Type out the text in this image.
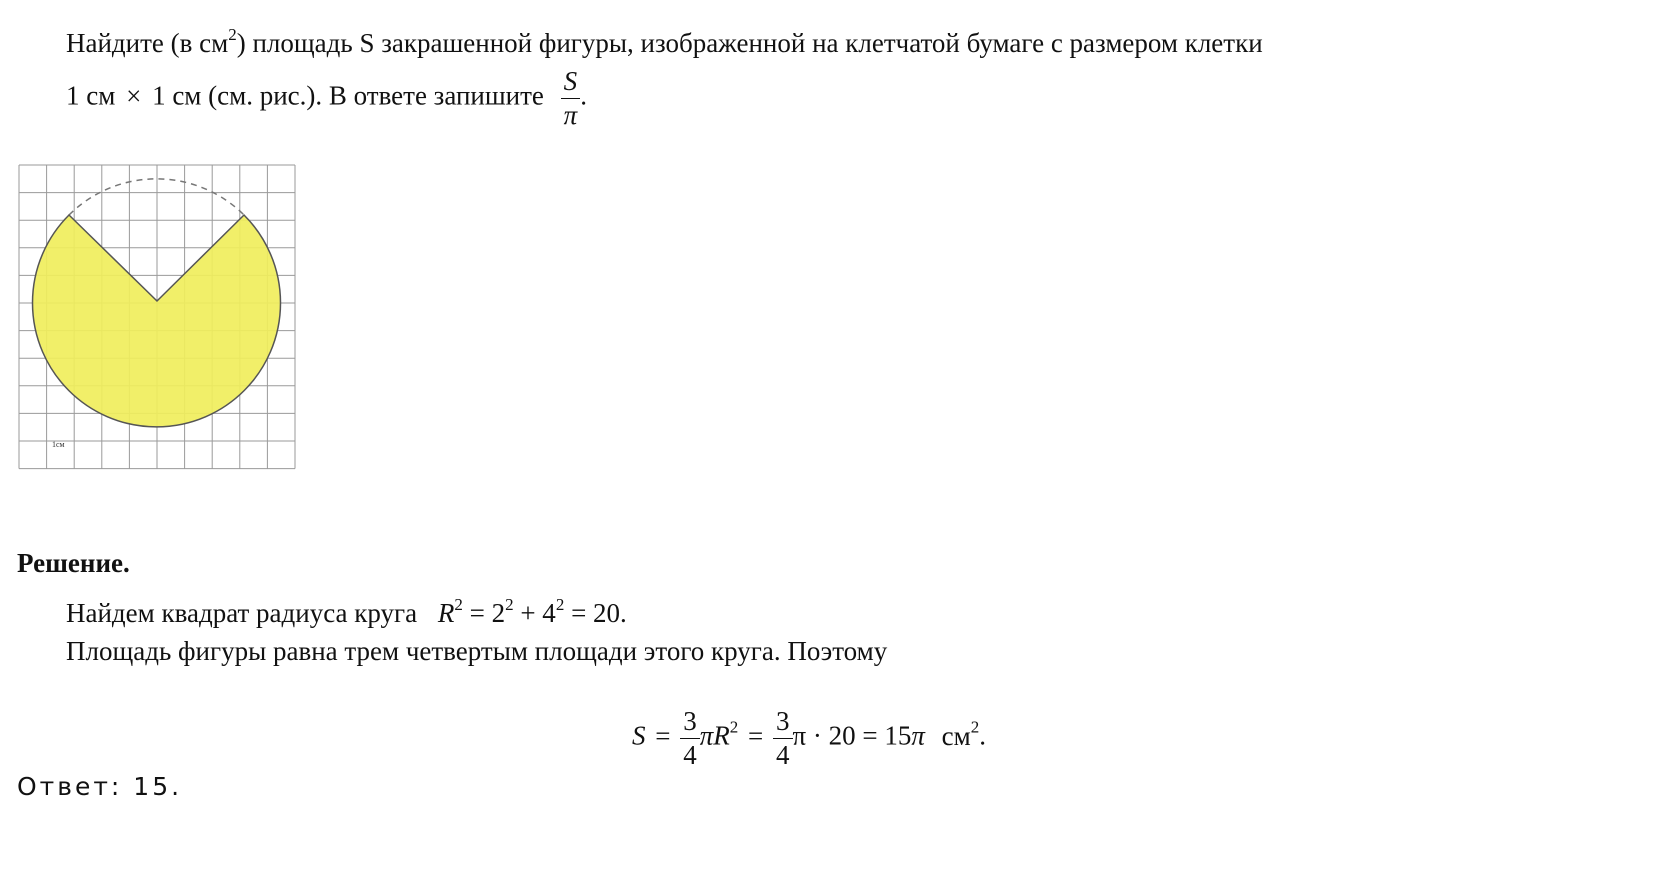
Найдите (в $см^2$) площадь S закрашенной фигуры, изображенной на клетчатой бумаге с размером клетки
1 см × 1 см (см. рис.). В ответе запишите $\frac{S}{\pi}$ .
1см
Решение.
Найдем квадрат радиуса круга $R^2 = 2^2 + 4^2 = 20$.
Площадь фигуры равна трем четвертым площади этого круга. Поэтому
$S = \frac{3}{4} \pi R^2 = \frac{3}{4}$ π · 20 = 15π $см^2$.
Ответ: 15.
